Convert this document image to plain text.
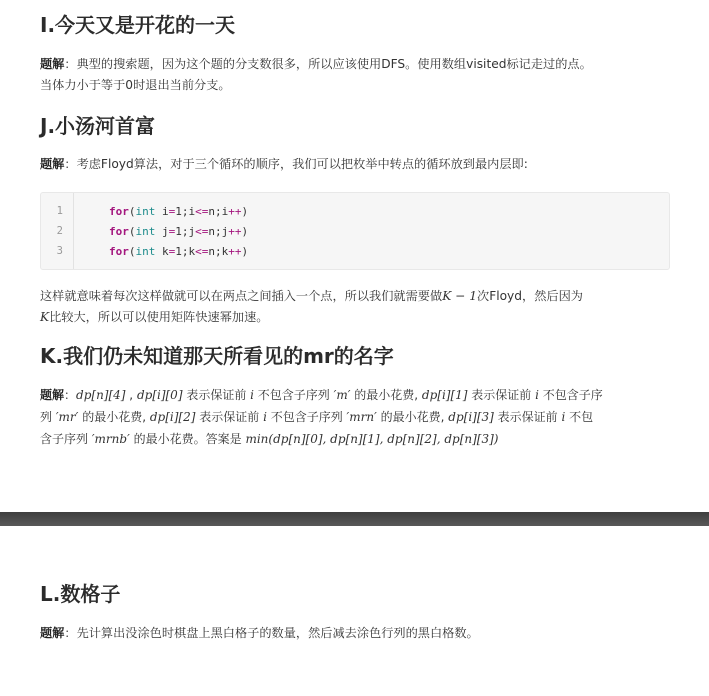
I.今天又是开花的一天

题解：典型的搜索题，因为这个题的分支数很多，所以应该使用DFS。使用数组visited标记走过的点。

当体力小于等于0时退出当前分支。

J.小汤河首富

题解：考虑Floyd算法，对于三个循环的顺序，我们可以把枚举中转点的循环放到最内层即:

1
2
3
for(int i=1;i<=n;i++)
for(int j=1;j<=n;j++)
for(int k=1;k<=n;k++)

这样就意味着每次这样做就可以在两点之间插入一个点，所以我们就需要做K − 1次Floyd，然后因为

K比较大，所以可以使用矩阵快速幂加速。

K.我们仍未知道那天所看见的mr的名字

题解：dp[n][4] , dp[i][0] 表示保证前 i 不包含子序列 ′m′ 的最小花费, dp[i][1] 表示保证前 i 不包含子序

列 ′mr′ 的最小花费, dp[i][2] 表示保证前 i 不包含子序列 ′mrn′ 的最小花费, dp[i][3] 表示保证前 i 不包

含子序列 ′mrnb′ 的最小花费。答案是 min(dp[n][0], dp[n][1], dp[n][2], dp[n][3])

L.数格子

题解：先计算出没涂色时棋盘上黑白格子的数量，然后减去涂色行列的黑白格数。
